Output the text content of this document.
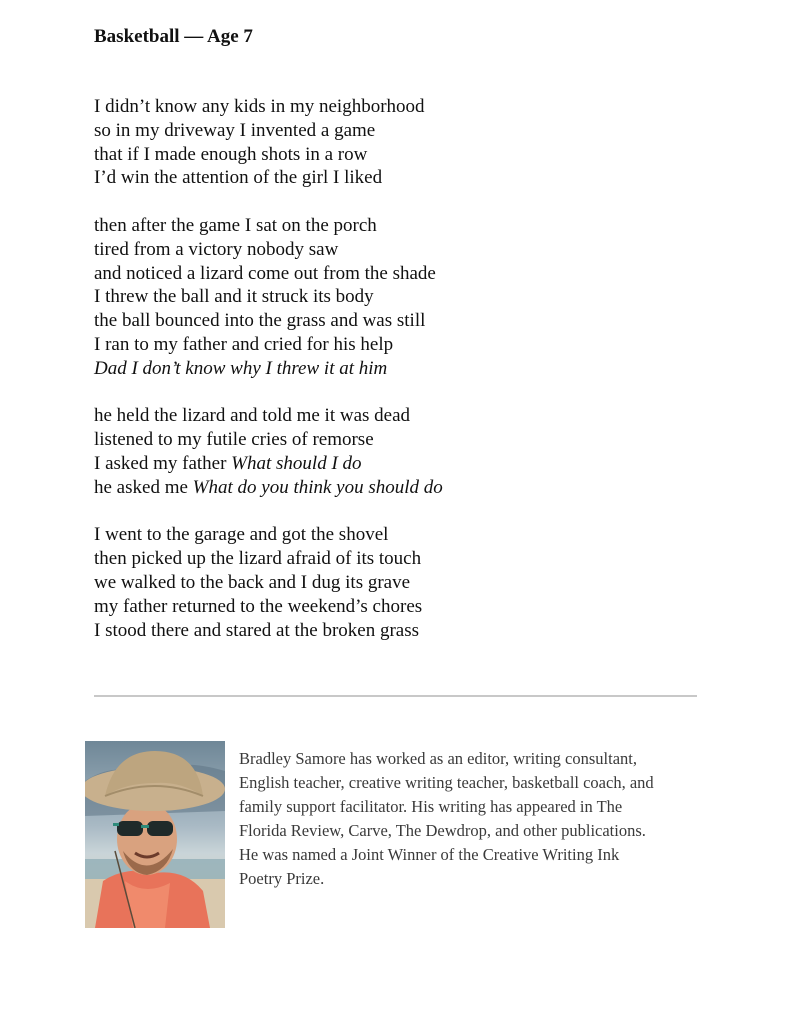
Basketball — Age 7
I didn’t know any kids in my neighborhood
so in my driveway I invented a game
that if I made enough shots in a row
I’d win the attention of the girl I liked
then after the game I sat on the porch
tired from a victory nobody saw
and noticed a lizard come out from the shade
I threw the ball and it struck its body
the ball bounced into the grass and was still
I ran to my father and cried for his help
Dad I don’t know why I threw it at him
he held the lizard and told me it was dead
listened to my futile cries of remorse
I asked my father What should I do
he asked me What do you think you should do
I went to the garage and got the shovel
then picked up the lizard afraid of its touch
we walked to the back and I dug its grave
my father returned to the weekend’s chores
I stood there and stared at the broken grass
Bradley Samore has worked as an editor, writing consultant,
English teacher, creative writing teacher, basketball coach, and
family support facilitator. His writing has appeared in The
Florida Review, Carve, The Dewdrop, and other publications.
He was named a Joint Winner of the Creative Writing Ink
Poetry Prize.
